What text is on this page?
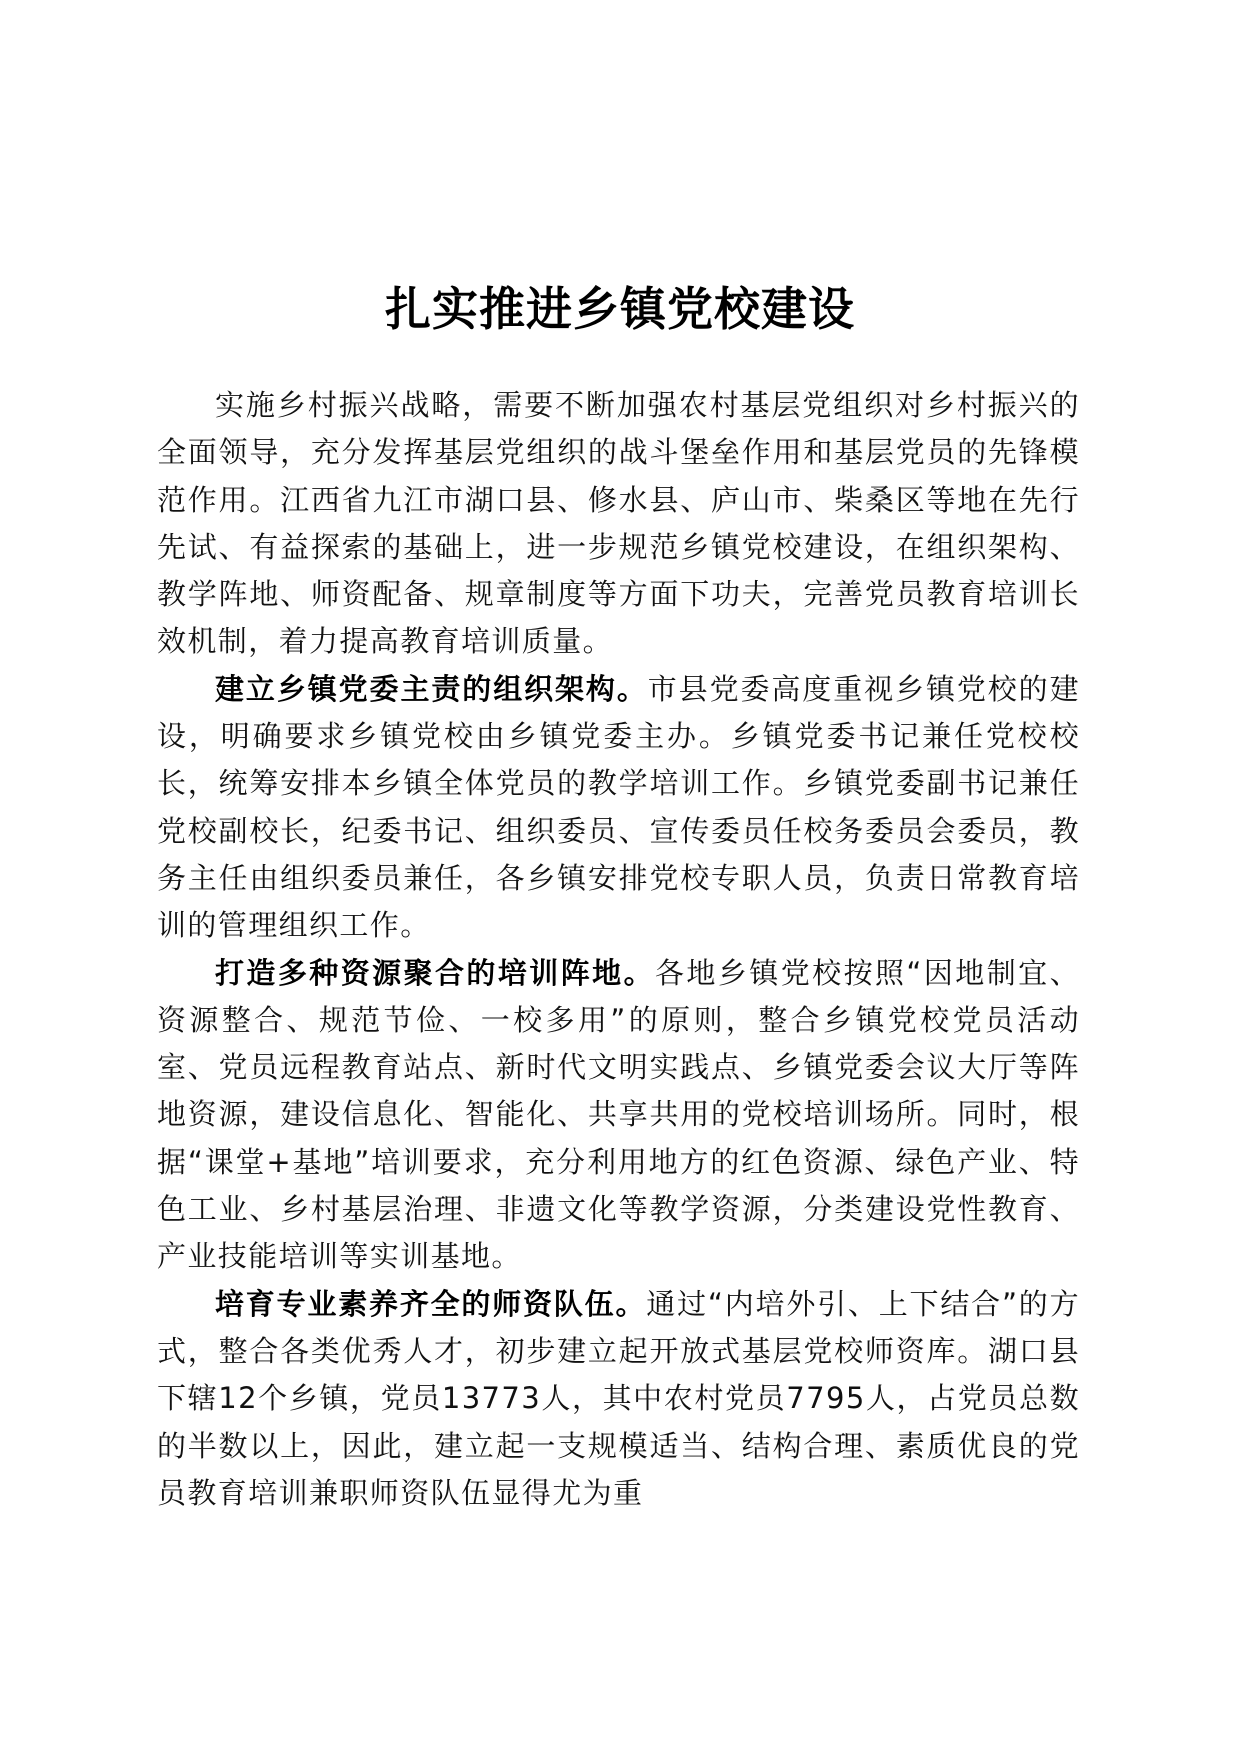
扎实推进乡镇党校建设

实施乡村振兴战略，需要不断加强农村基层党组织对乡村振兴的全面领导，充分发挥基层党组织的战斗堡垒作用和基层党员的先锋模范作用。江西省九江市湖口县、修水县、庐山市、柴桑区等地在先行先试、有益探索的基础上，进一步规范乡镇党校建设，在组织架构、教学阵地、师资配备、规章制度等方面下功夫，完善党员教育培训长效机制，着力提高教育培训质量。

建立乡镇党委主责的组织架构。市县党委高度重视乡镇党校的建设，明确要求乡镇党校由乡镇党委主办。乡镇党委书记兼任党校校长，统筹安排本乡镇全体党员的教学培训工作。乡镇党委副书记兼任党校副校长，纪委书记、组织委员、宣传委员任校务委员会委员，教务主任由组织委员兼任，各乡镇安排党校专职人员，负责日常教育培训的管理组织工作。

打造多种资源聚合的培训阵地。各地乡镇党校按照“因地制宜、资源整合、规范节俭、一校多用”的原则，整合乡镇党校党员活动室、党员远程教育站点、新时代文明实践点、乡镇党委会议大厅等阵地资源，建设信息化、智能化、共享共用的党校培训场所。同时，根据“课堂+基地”培训要求，充分利用地方的红色资源、绿色产业、特色工业、乡村基层治理、非遗文化等教学资源，分类建设党性教育、产业技能培训等实训基地。

培育专业素养齐全的师资队伍。通过“内培外引、上下结合”的方式，整合各类优秀人才，初步建立起开放式基层党校师资库。湖口县下辖12个乡镇，党员13773人，其中农村党员7795人，占党员总数的半数以上，因此，建立起一支规模适当、结构合理、素质优良的党员教育培训兼职师资队伍显得尤为重
